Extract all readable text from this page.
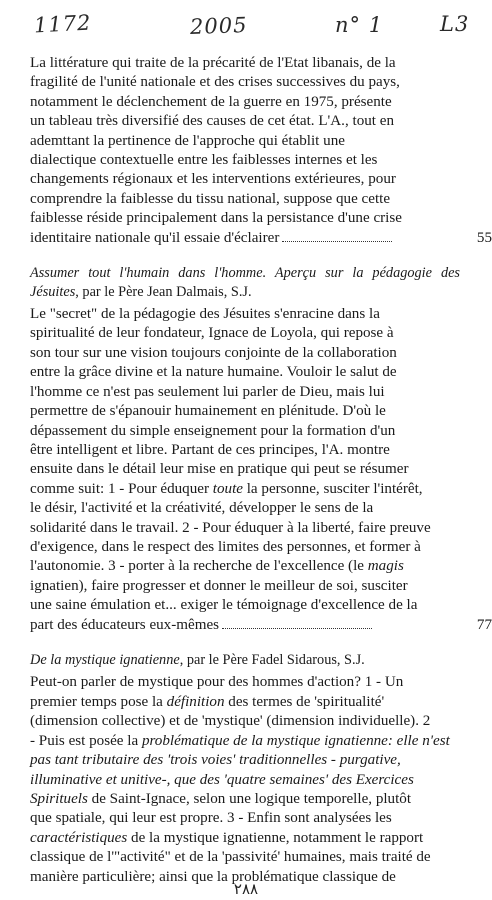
1172	2005	n° 1	L3
La littérature qui traite de la précarité de l'Etat libanais, de la
fragilité de l'unité nationale et des crises successives du pays,
notamment le déclenchement de la guerre en 1975, présente
un tableau très diversifié des causes de cet état. L'A., tout en
ademttant la pertinence de l'approche qui établit une
dialectique contextuelle entre les faiblesses internes et les
changements régionaux et les interventions extérieures, pour
comprendre la faiblesse du tissu national, suppose que cette
faiblesse réside principalement dans la persistance d'une crise
identitaire nationale qu'il essaie d'éclairer	55
Assumer tout l'humain dans l'homme. Aperçu sur la pédagogie des Jésuites, par le Père Jean Dalmais, S.J.
Le "secret" de la pédagogie des Jésuites s'enracine dans la
spiritualité de leur fondateur, Ignace de Loyola, qui repose à
son tour sur une vision toujours conjointe de la collaboration
entre la grâce divine et la nature humaine. Vouloir le salut de
l'homme ce n'est pas seulement lui parler de Dieu, mais lui
permettre de s'épanouir humainement en plénitude. D'où le
dépassement du simple enseignement pour la formation d'un
être intelligent et libre. Partant de ces principes, l'A. montre
ensuite dans le détail leur mise en pratique qui peut se résumer
comme suit: 1 - Pour éduquer toute la personne, susciter l'intérêt,
le désir, l'activité et la créativité, développer le sens de la
solidarité dans le travail. 2 - Pour éduquer à la liberté, faire preuve
d'exigence, dans le respect des limites des personnes, et former à
l'autonomie. 3 - porter à la recherche de l'excellence (le magis
ignatien), faire progresser et donner le meilleur de soi, susciter
une saine émulation et... exiger le témoignage d'excellence de la
part des éducateurs eux-mêmes	77
De la mystique ignatienne, par le Père Fadel Sidarous, S.J.
Peut-on parler de mystique pour des hommes d'action? 1 - Un
premier temps pose la définition des termes de 'spiritualité'
(dimension collective) et de 'mystique' (dimension individuelle). 2
- Puis est posée la problématique de la mystique ignatienne: elle n'est
pas tant tributaire des 'trois voies' traditionnelles - purgative,
illuminative et unitive-, que des 'quatre semaines' des Exercices
Spirituels de Saint-Ignace, selon une logique temporelle, plutôt
que spatiale, qui leur est propre. 3 - Enfin sont analysées les
caractéristiques de la mystique ignatienne, notamment le rapport
classique de l'"activité" et de la 'passivité' humaines, mais traité de
manière particulière; ainsi que la problématique classique de
٢٨٨
